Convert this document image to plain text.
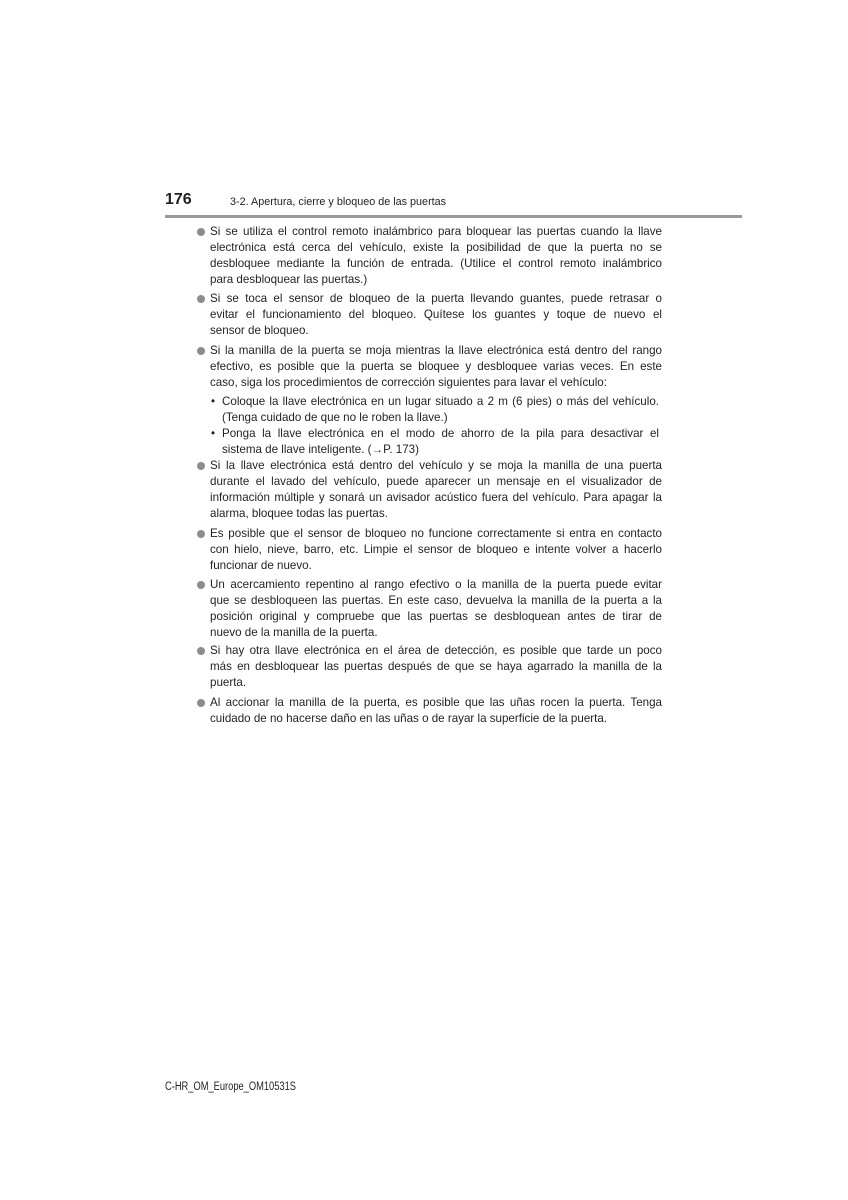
176	3-2. Apertura, cierre y bloqueo de las puertas
Si se utiliza el control remoto inalámbrico para bloquear las puertas cuando la llave
electrónica está cerca del vehículo, existe la posibilidad de que la puerta no se
desbloquee mediante la función de entrada. (Utilice el control remoto inalámbrico
para desbloquear las puertas.)
Si se toca el sensor de bloqueo de la puerta llevando guantes, puede retrasar o
evitar el funcionamiento del bloqueo. Quítese los guantes y toque de nuevo el
sensor de bloqueo.
Si la manilla de la puerta se moja mientras la llave electrónica está dentro del rango
efectivo, es posible que la puerta se bloquee y desbloquee varias veces. En este
caso, siga los procedimientos de corrección siguientes para lavar el vehículo:
• Coloque la llave electrónica en un lugar situado a 2 m (6 pies) o más del vehículo.
(Tenga cuidado de que no le roben la llave.)
• Ponga la llave electrónica en el modo de ahorro de la pila para desactivar el
sistema de llave inteligente. (→P. 173)
Si la llave electrónica está dentro del vehículo y se moja la manilla de una puerta
durante el lavado del vehículo, puede aparecer un mensaje en el visualizador de
información múltiple y sonará un avisador acústico fuera del vehículo. Para apagar la
alarma, bloquee todas las puertas.
Es posible que el sensor de bloqueo no funcione correctamente si entra en contacto
con hielo, nieve, barro, etc. Limpie el sensor de bloqueo e intente volver a hacerlo
funcionar de nuevo.
Un acercamiento repentino al rango efectivo o la manilla de la puerta puede evitar
que se desbloqueen las puertas. En este caso, devuelva la manilla de la puerta a la
posición original y compruebe que las puertas se desbloquean antes de tirar de
nuevo de la manilla de la puerta.
Si hay otra llave electrónica en el área de detección, es posible que tarde un poco
más en desbloquear las puertas después de que se haya agarrado la manilla de la
puerta.
Al accionar la manilla de la puerta, es posible que las uñas rocen la puerta. Tenga
cuidado de no hacerse daño en las uñas o de rayar la superficie de la puerta.
C-HR_OM_Europe_OM10531S
